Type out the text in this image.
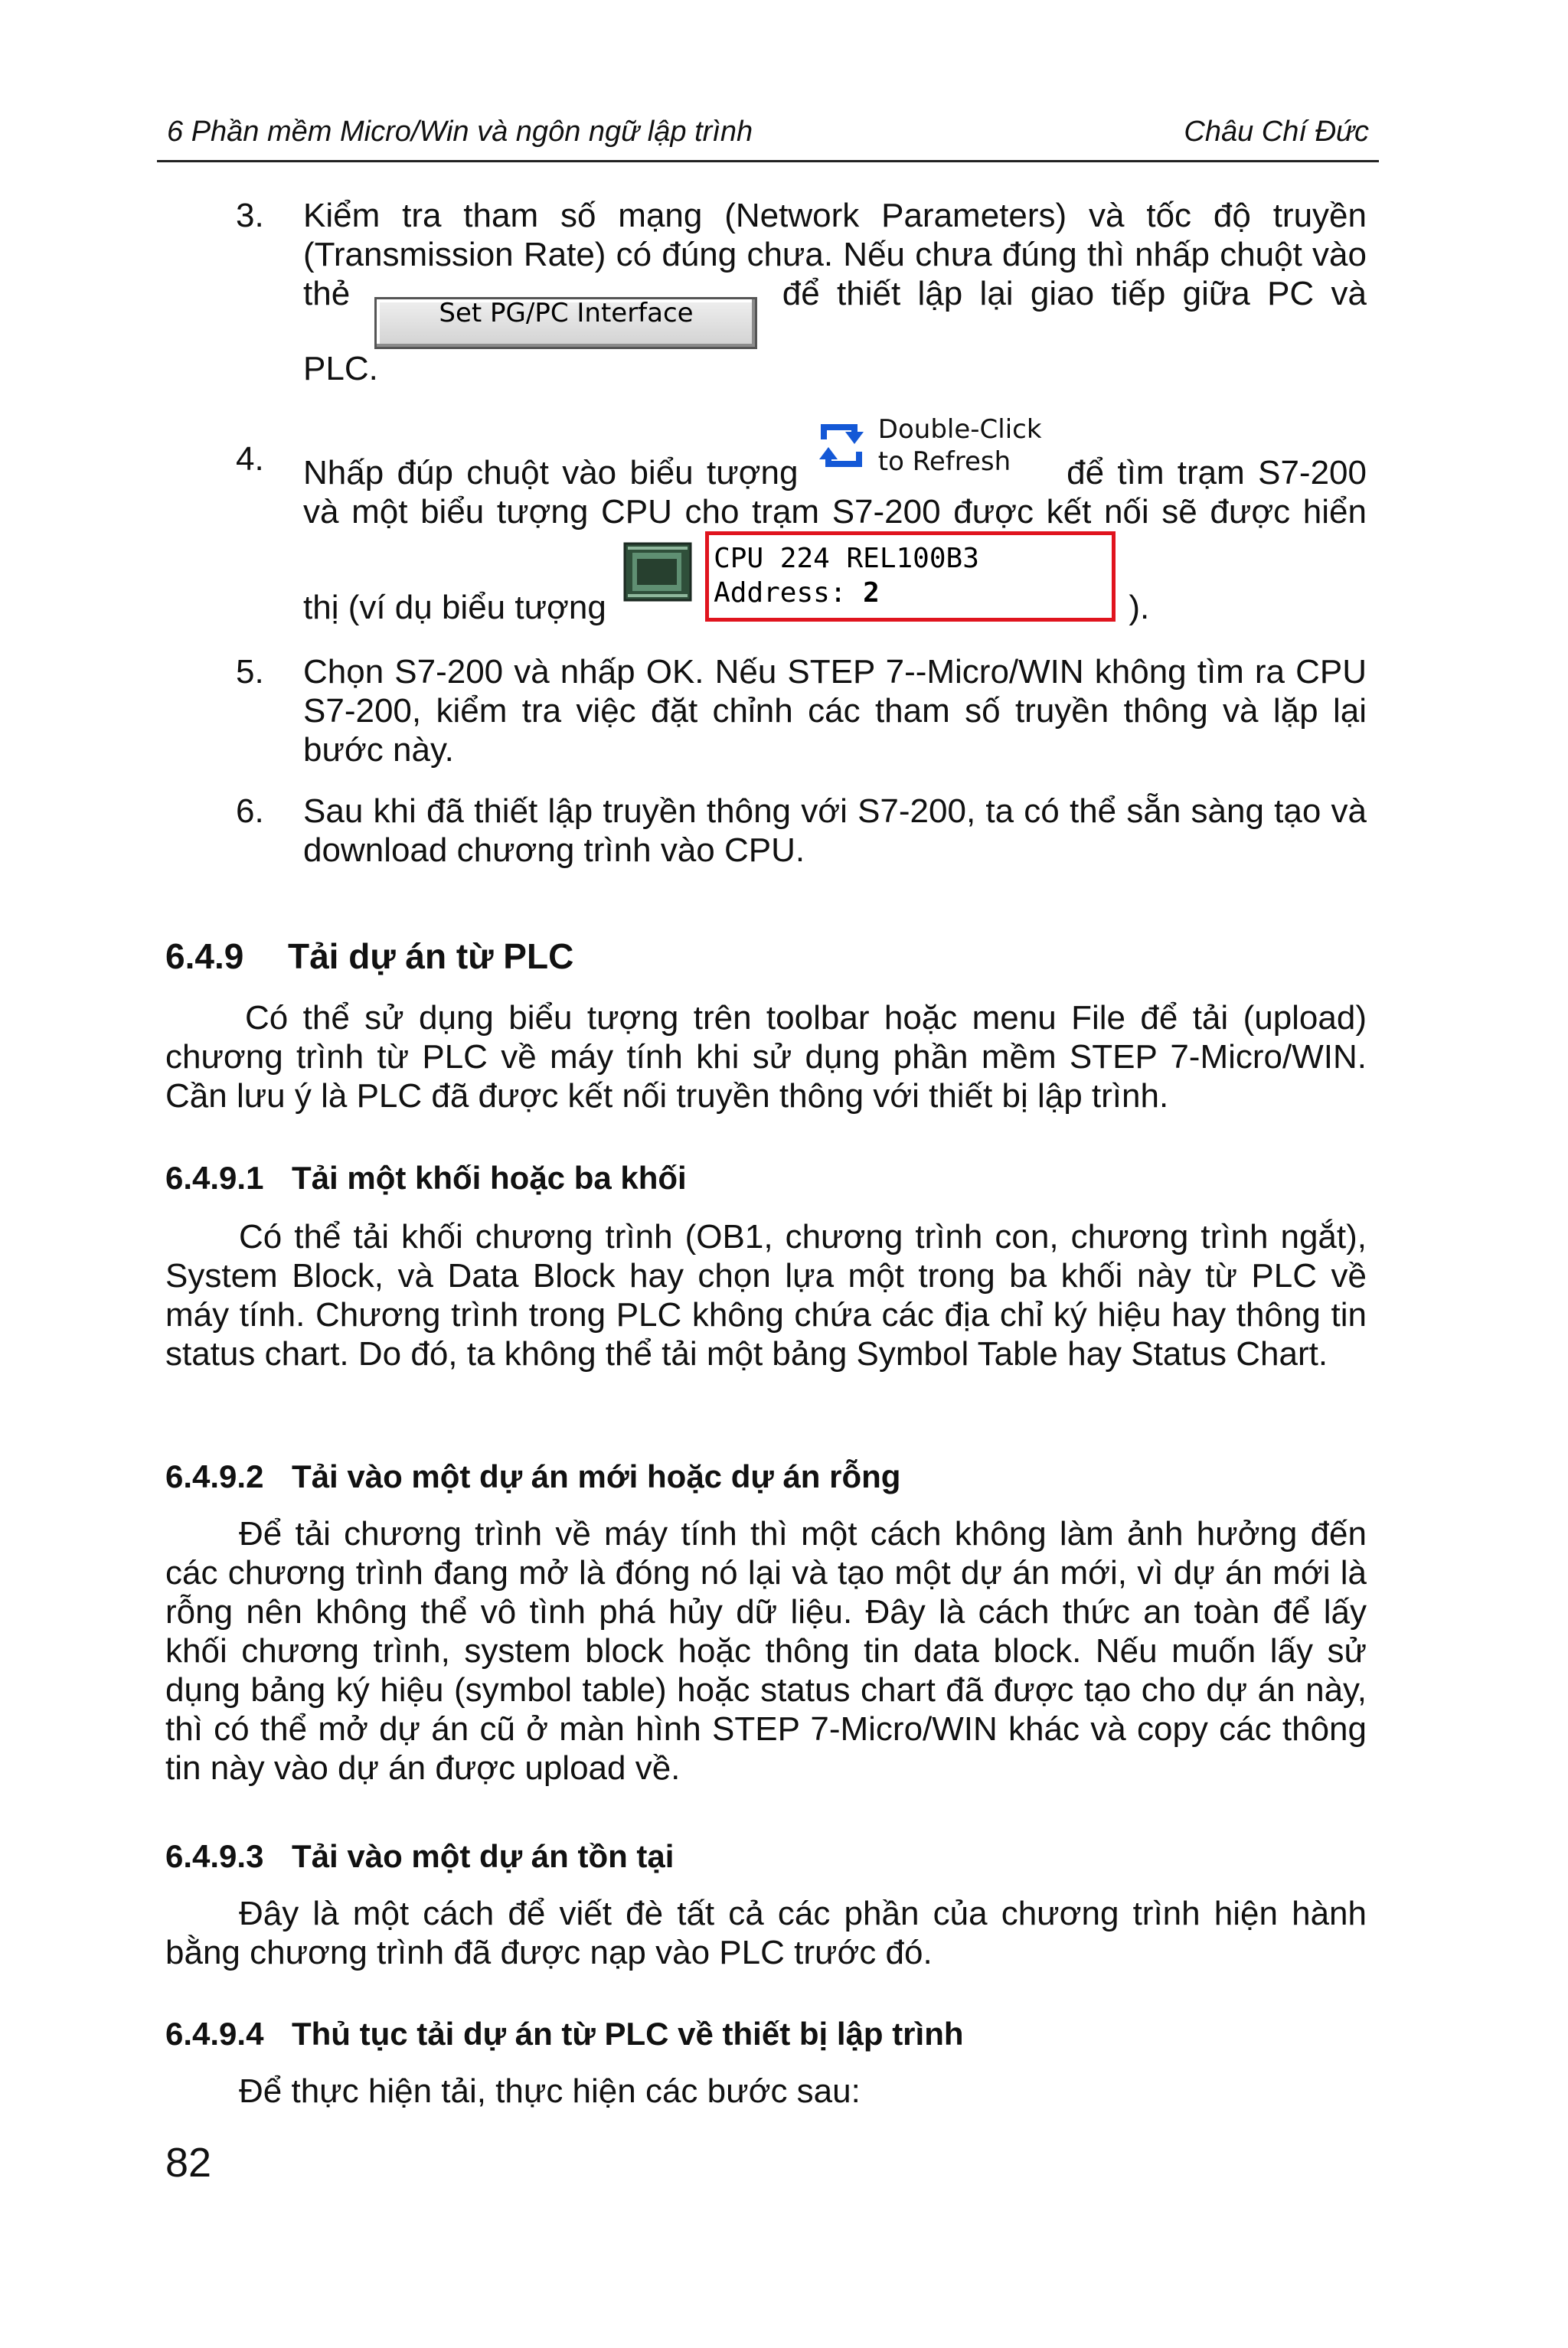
6 Phần mềm Micro/Win và ngôn ngữ lập trình	Châu Chí Đức
3. Kiểm tra tham số mạng (Network Parameters) và tốc độ truyền (Transmission Rate) có đúng chưa. Nếu chưa đúng thì nhấp chuột vào thẻ Set PG/PC Interface để thiết lập lại giao tiếp giữa PC và PLC.
4. Nhấp đúp chuột vào biểu tượng
Double-Click
to Refresh	để tìm trạm S7-200 và một biểu tượng CPU cho trạm S7-200 được kết nối sẽ được hiển thị (ví dụ biểu tượng
CPU 224 REL100B3
Address: 2	).
5. Chọn S7-200 và nhấp OK. Nếu STEP 7--Micro/WIN không tìm ra CPU S7-200, kiểm tra việc đặt chỉnh các tham số truyền thông và lặp lại bước này.
6. Sau khi đã thiết lập truyền thông với S7-200, ta có thể sẵn sàng tạo và download chương trình vào CPU.
6.4.9 Tải dự án từ PLC
Có thể sử dụng biểu tượng trên toolbar hoặc menu File để tải (upload) chương trình từ PLC về máy tính khi sử dụng phần mềm STEP 7-Micro/WIN. Cần lưu ý là PLC đã được kết nối truyền thông với thiết bị lập trình.
6.4.9.1 Tải một khối hoặc ba khối
Có thể tải khối chương trình (OB1, chương trình con, chương trình ngắt), System Block, và Data Block hay chọn lựa một trong ba khối này từ PLC về máy tính. Chương trình trong PLC không chứa các địa chỉ ký hiệu hay thông tin status chart. Do đó, ta không thể tải một bảng Symbol Table hay Status Chart.
6.4.9.2 Tải vào một dự án mới hoặc dự án rỗng
Để tải chương trình về máy tính thì một cách không làm ảnh hưởng đến các chương trình đang mở là đóng nó lại và tạo một dự án mới, vì dự án mới là rỗng nên không thể vô tình phá hủy dữ liệu. Đây là cách thức an toàn để lấy khối chương trình, system block hoặc thông tin data block. Nếu muốn lấy sử dụng bảng ký hiệu (symbol table) hoặc status chart đã được tạo cho dự án này, thì có thể mở dự án cũ ở màn hình STEP 7-Micro/WIN khác và copy các thông tin này vào dự án được upload về.
6.4.9.3 Tải vào một dự án tồn tại
Đây là một cách để viết đè tất cả các phần của chương trình hiện hành bằng chương trình đã được nạp vào PLC trước đó.
6.4.9.4 Thủ tục tải dự án từ PLC về thiết bị lập trình
Để thực hiện tải, thực hiện các bước sau:
82
